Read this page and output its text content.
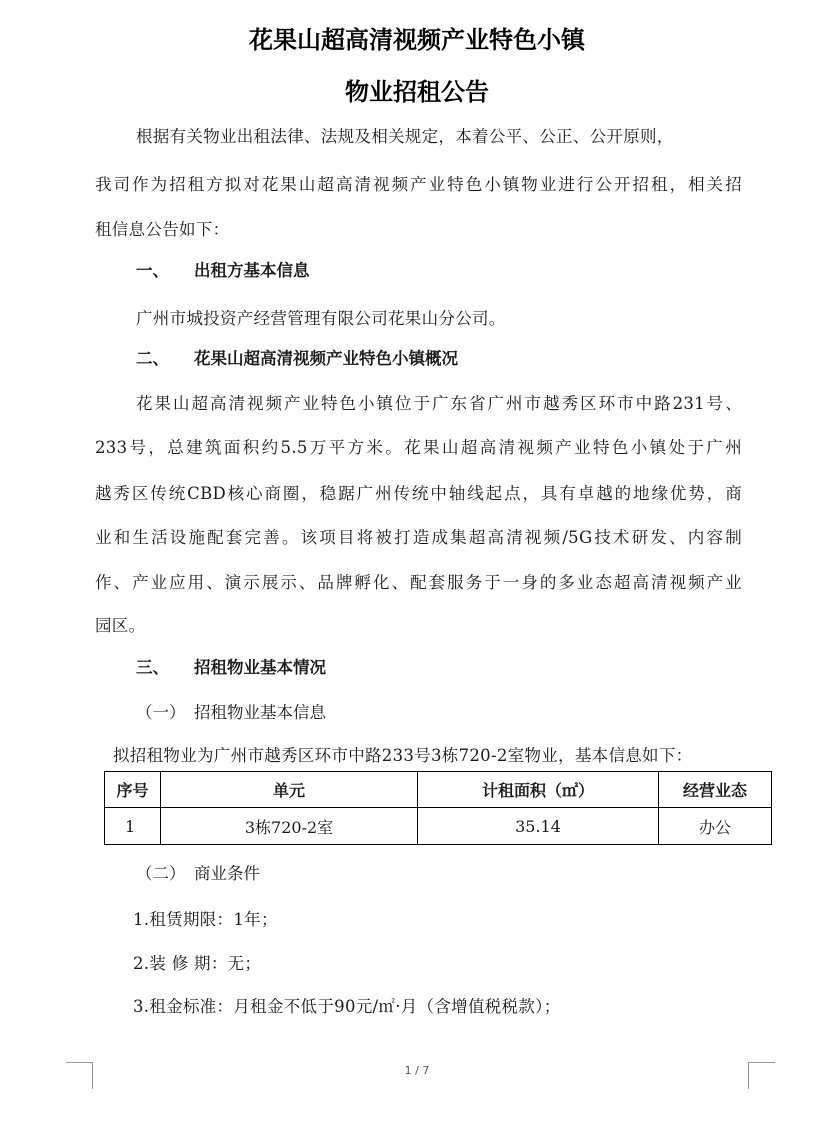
花果山超高清视频产业特色小镇
物业招租公告
根据有关物业出租法律、法规及相关规定，本着公平、公正、公开原则，
我司作为招租方拟对花果山超高清视频产业特色小镇物业进行公开招租，相关招
租信息公告如下：
一、 出租方基本信息
广州市城投资产经营管理有限公司花果山分公司。
二、 花果山超高清视频产业特色小镇概况
花果山超高清视频产业特色小镇位于广东省广州市越秀区环市中路231号、
233号，总建筑面积约5.5万平方米。花果山超高清视频产业特色小镇处于广州
越秀区传统CBD核心商圈，稳踞广州传统中轴线起点，具有卓越的地缘优势，商
业和生活设施配套完善。该项目将被打造成集超高清视频/5G技术研发、内容制
作、产业应用、演示展示、品牌孵化、配套服务于一身的多业态超高清视频产业
园区。
三、 招租物业基本情况
（一） 招租物业基本信息
拟招租物业为广州市越秀区环市中路233号3栋720-2室物业，基本信息如下：
序号	单元	计租面积（㎡）	经营业态
1	3栋720-2室	35.14	办公
（二） 商业条件
1.租赁期限：1年；
2.装 修 期：无；
3.租金标准：月租金不低于90元/㎡·月（含增值税税款）；
1 / 7
